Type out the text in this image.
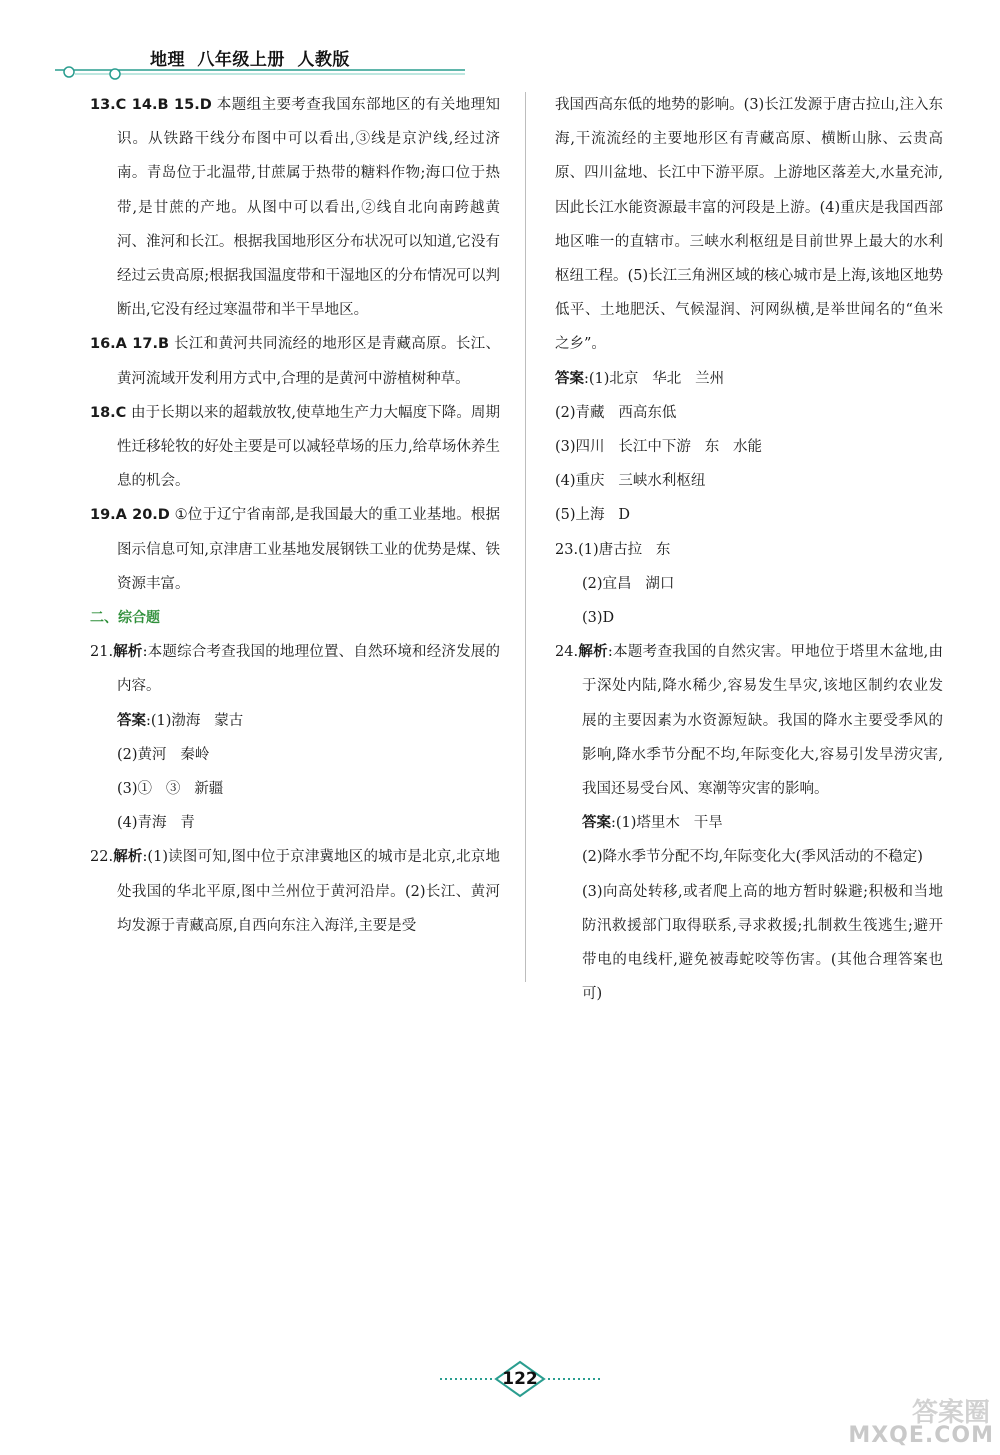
地理 八年级上册 人教版

13.C 14.B 15.D 本题组主要考查我国东部地区的有关地理知识。从铁路干线分布图中可以看出,③线是京沪线,经过济南。青岛位于北温带,甘蔗属于热带的糖料作物;海口位于热带,是甘蔗的产地。从图中可以看出,②线自北向南跨越黄河、淮河和长江。根据我国地形区分布状况可以知道,它没有经过云贵高原;根据我国温度带和干湿地区的分布情况可以判断出,它没有经过寒温带和半干旱地区。

16.A 17.B 长江和黄河共同流经的地形区是青藏高原。长江、黄河流域开发利用方式中,合理的是黄河中游植树种草。

18.C 由于长期以来的超载放牧,使草地生产力大幅度下降。周期性迁移轮牧的好处主要是可以减轻草场的压力,给草场休养生息的机会。

19.A 20.D ①位于辽宁省南部,是我国最大的重工业基地。根据图示信息可知,京津唐工业基地发展钢铁工业的优势是煤、铁资源丰富。

二、综合题

21.解析:本题综合考查我国的地理位置、自然环境和经济发展的内容。

答案:(1)渤海   蒙古

(2)黄河   秦岭

(3)①   ③   新疆

(4)青海   青

22.解析:(1)读图可知,图中位于京津冀地区的城市是北京,北京地处我国的华北平原,图中兰州位于黄河沿岸。(2)长江、黄河均发源于青藏高原,自西向东注入海洋,主要是受

我国西高东低的地势的影响。(3)长江发源于唐古拉山,注入东海,干流流经的主要地形区有青藏高原、横断山脉、云贵高原、四川盆地、长江中下游平原。上游地区落差大,水量充沛,因此长江水能资源最丰富的河段是上游。(4)重庆是我国西部地区唯一的直辖市。三峡水利枢纽是目前世界上最大的水利枢纽工程。(5)长江三角洲区域的核心城市是上海,该地区地势低平、土地肥沃、气候湿润、河网纵横,是举世闻名的“鱼米之乡”。

答案:(1)北京   华北   兰州

(2)青藏   西高东低

(3)四川   长江中下游   东   水能

(4)重庆   三峡水利枢纽

(5)上海   D

23.(1)唐古拉   东

(2)宜昌   湖口

(3)D

24.解析:本题考查我国的自然灾害。甲地位于塔里木盆地,由于深处内陆,降水稀少,容易发生旱灾,该地区制约农业发展的主要因素为水资源短缺。我国的降水主要受季风的影响,降水季节分配不均,年际变化大,容易引发旱涝灾害,我国还易受台风、寒潮等灾害的影响。

答案:(1)塔里木   干旱

(2)降水季节分配不均,年际变化大(季风活动的不稳定)

(3)向高处转移,或者爬上高的地方暂时躲避;积极和当地防汛救援部门取得联系,寻求救援;扎制救生筏逃生;避开带电的电线杆,避免被毒蛇咬等伤害。(其他合理答案也可)

122
答案圈
MXQE.COM
